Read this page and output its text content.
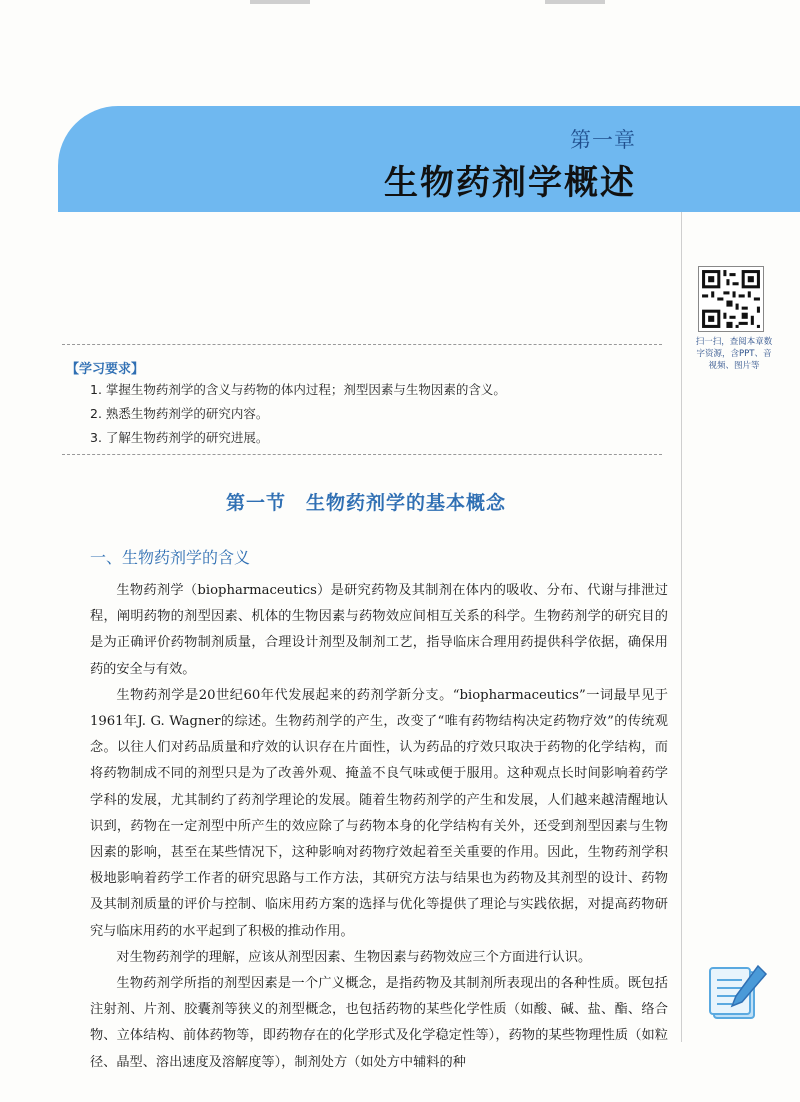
第一章
生物药剂学概述
扫一扫，查阅本章数字资源，含PPT、音视频、图片等
【学习要求】
1. 掌握生物药剂学的含义与药物的体内过程；剂型因素与生物因素的含义。
2. 熟悉生物药剂学的研究内容。
3. 了解生物药剂学的研究进展。
第一节　生物药剂学的基本概念
一、生物药剂学的含义

生物药剂学（biopharmaceutics）是研究药物及其制剂在体内的吸收、分布、代谢与排泄过程，阐明药物的剂型因素、机体的生物因素与药物效应间相互关系的科学。生物药剂学的研究目的是为正确评价药物制剂质量，合理设计剂型及制剂工艺，指导临床合理用药提供科学依据，确保用药的安全与有效。

生物药剂学是20世纪60年代发展起来的药剂学新分支。“biopharmaceutics”一词最早见于1961年J. G. Wagner的综述。生物药剂学的产生，改变了“唯有药物结构决定药物疗效”的传统观念。以往人们对药品质量和疗效的认识存在片面性，认为药品的疗效只取决于药物的化学结构，而将药物制成不同的剂型只是为了改善外观、掩盖不良气味或便于服用。这种观点长时间影响着药学学科的发展，尤其制约了药剂学理论的发展。随着生物药剂学的产生和发展，人们越来越清醒地认识到，药物在一定剂型中所产生的效应除了与药物本身的化学结构有关外，还受到剂型因素与生物因素的影响，甚至在某些情况下，这种影响对药物疗效起着至关重要的作用。因此，生物药剂学积极地影响着药学工作者的研究思路与工作方法，其研究方法与结果也为药物及其剂型的设计、药物及其制剂质量的评价与控制、临床用药方案的选择与优化等提供了理论与实践依据，对提高药物研究与临床用药的水平起到了积极的推动作用。

对生物药剂学的理解，应该从剂型因素、生物因素与药物效应三个方面进行认识。

生物药剂学所指的剂型因素是一个广义概念，是指药物及其制剂所表现出的各种性质。既包括注射剂、片剂、胶囊剂等狭义的剂型概念，也包括药物的某些化学性质（如酸、碱、盐、酯、络合物、立体结构、前体药物等，即药物存在的化学形式及化学稳定性等），药物的某些物理性质（如粒径、晶型、溶出速度及溶解度等），制剂处方（如处方中辅料的种
